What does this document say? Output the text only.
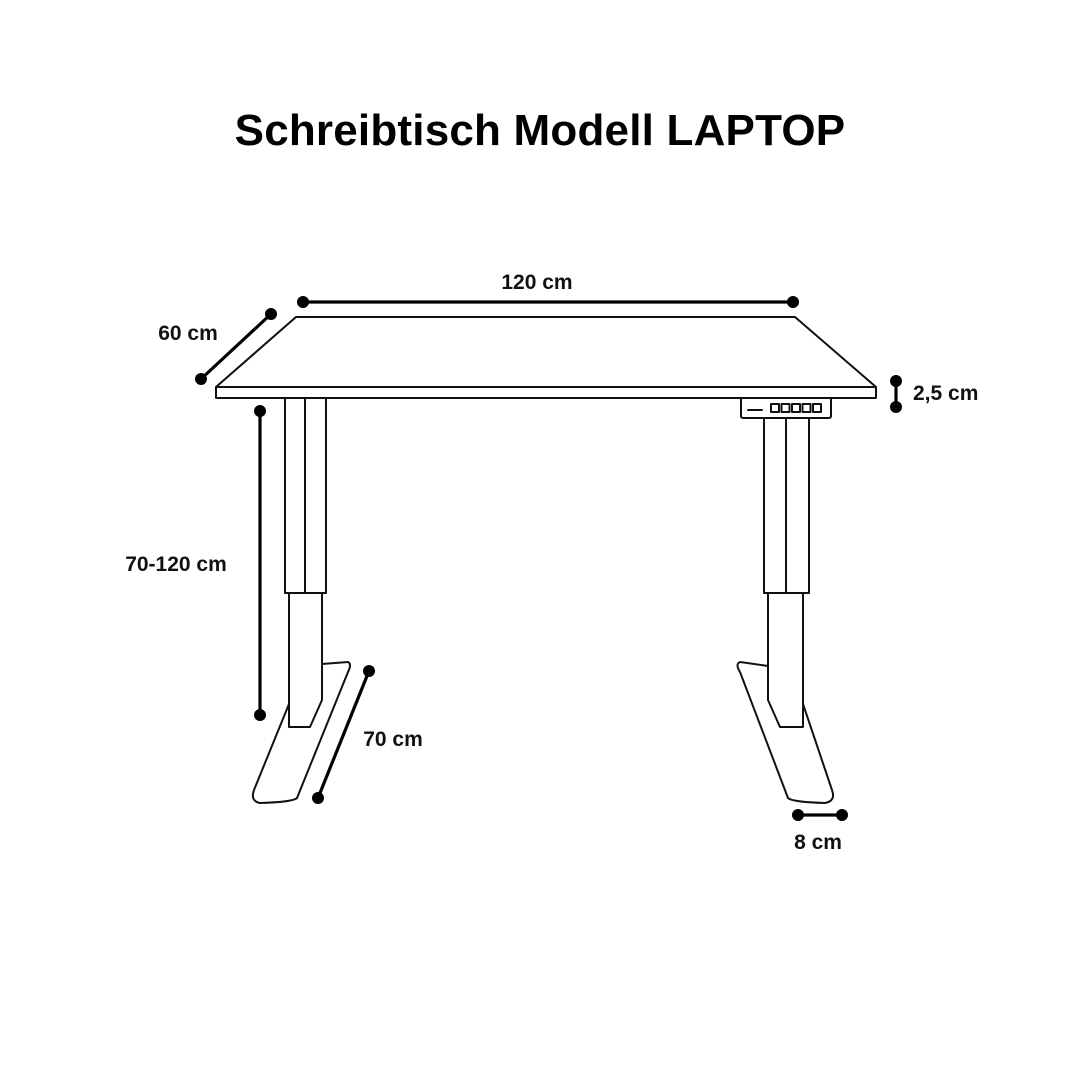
Schreibtisch Modell LAPTOP
120 cm
60 cm
2,5 cm
70-120 cm
70 cm
8 cm
